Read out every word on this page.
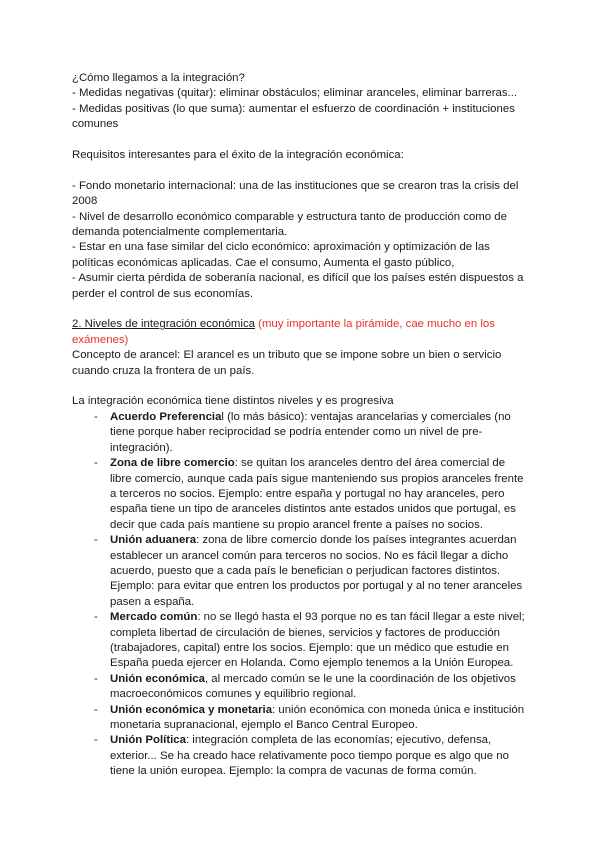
¿Cómo llegamos a la integración?

- Medidas negativas (quitar): eliminar obstáculos; eliminar aranceles, eliminar barreras...

- Medidas positivas (lo que suma): aumentar el esfuerzo de coordinación + instituciones comunes

Requisitos interesantes para el éxito de la integración económica:

- Fondo monetario internacional: una de las instituciones que se crearon tras la crisis del 2008

- Nivel de desarrollo económico comparable y estructura tanto de producción como de demanda potencialmente complementaria.

- Estar en una fase similar del ciclo económico: aproximación y optimización de las políticas económicas aplicadas. Cae el consumo, Aumenta el gasto público,

- Asumir cierta pérdida de soberanía nacional, es difícil que los países estén dispuestos a perder el control de sus economías.

2. Niveles de integración económica (muy importante la pirámide, cae mucho en los exámenes)

Concepto de arancel: El arancel es un tributo que se impone sobre un bien o servicio cuando cruza la frontera de un país.

La integración económica tiene distintos niveles y es progresiva

- Acuerdo Preferencial (lo más básico): ventajas arancelarias y comerciales (no tiene porque haber reciprocidad se podría entender como un nivel de pre-integración).
- Zona de libre comercio: se quitan los aranceles dentro del área comercial de libre comercio, aunque cada país sigue manteniendo sus propios aranceles frente a terceros no socios. Ejemplo: entre españa y portugal no hay aranceles, pero españa tiene un tipo de aranceles distintos ante estados unidos que portugal, es decir que cada país mantiene su propio arancel frente a países no socios.
- Unión aduanera: zona de libre comercio donde los países integrantes acuerdan establecer un arancel común para terceros no socios. No es fácil llegar a dicho acuerdo, puesto que a cada país le benefician o perjudican factores distintos. Ejemplo: para evitar que entren los productos por portugal y al no tener aranceles pasen a españa.
- Mercado común: no se llegó hasta el 93 porque no es tan fácil llegar a este nivel; completa libertad de circulación de bienes, servicios y factores de producción (trabajadores, capital) entre los socios. Ejemplo: que un médico que estudie en España pueda ejercer en Holanda. Como ejemplo tenemos a la Unión Europea.
- Unión económica, al mercado común se le une la coordinación de los objetivos macroeconómicos comunes y equilibrio regional.
- Unión económica y monetaria: unión económica con moneda única e institución monetaria supranacional, ejemplo el Banco Central Europeo.
- Unión Política: integración completa de las economías; ejecutivo, defensa, exterior... Se ha creado hace relativamente poco tiempo porque es algo que no tiene la unión europea. Ejemplo: la compra de vacunas de forma común.
